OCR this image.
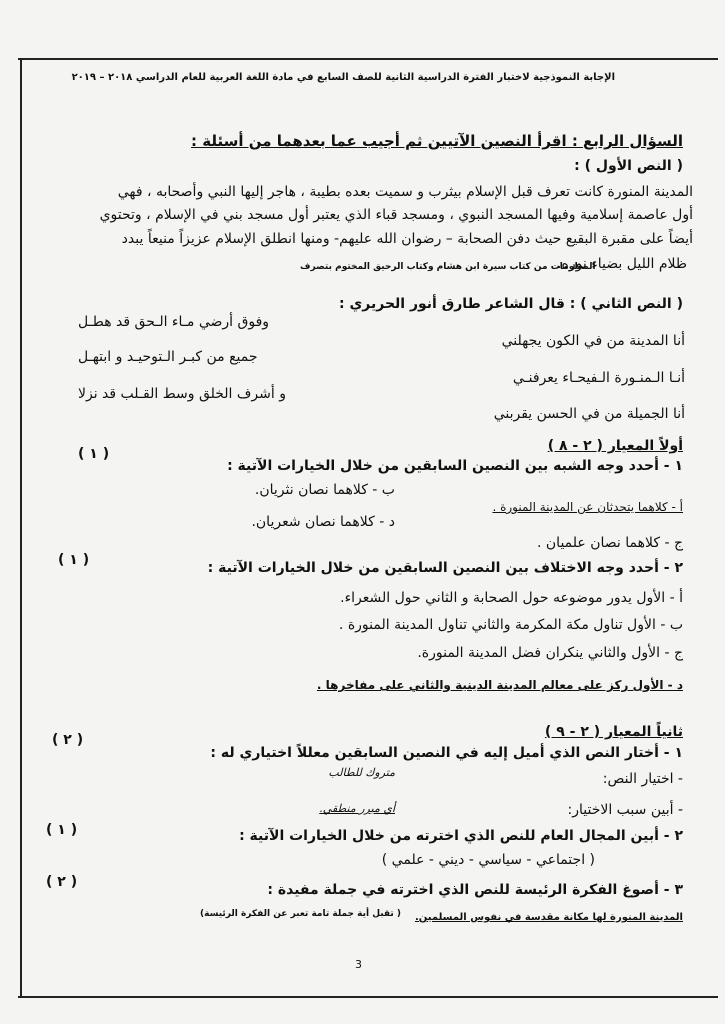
الإجابة النموذجية لاختبار الفترة الدراسية الثانية للصف السابع في مادة اللغة العربية للعام الدراسي ٢٠١٨ – ٢٠١٩
السؤال الرابع : اقرأ النصين الآتيين ثم أجيب عما بعدهما من أسئلة :
( النص الأول ) :
المدينة المنورة كانت تعرف قبل الإسلام بيثرب و سميت بعده بطيبة ، هاجر إليها النبي وأصحابه ، فهي
أول عاصمة إسلامية وفيها المسجد النبوي ، ومسجد قباء الذي يعتبر أول مسجد بني في الإسلام ، وتحتوي
أيضاً على مقبرة البقيع حيث دفن الصحابة – رضوان الله عليهم- ومنها انطلق الإسلام عزيزاً منيعاً يبدد
ظلام الليل بضياء نوره.
المعلومات من كتاب سيرة ابن هشام وكتاب الرحيق المختوم بتصرف
( النص الثاني ) : قال الشاعر طارق أنور الحريري :
أنا المدينة من في الكون يجهلني
وفوق أرضي مـاء الـحق قد هطـل
أنـا الـمنـورة الـفيحـاء يعرفنـي
جميع من كبـر الـتوحيـد و ابتهـل
أنا الجميلة من في الحسن يقربني
و أشرف الخلق وسط القـلب قد نزلا
أولاً المعيار ( ٢ - ٨ )
( ١ )
١ - أحدد وجه الشبه بين النصين السابقين من خلال الخيارات الآتية :
ب - كلاهما نصان نثريان.
أ - كلاهما يتحدثان عن المدينة المنورة .
د - كلاهما نصان شعريان.
ج - كلاهما نصان علميان .
( ١ )	٢ - أحدد وجه الاختلاف بين النصين السابقين من خلال الخيارات الآتية :
أ - الأول يدور موضوعه حول الصحابة و الثاني حول الشعراء.
ب - الأول تناول مكة المكرمة والثاني تناول المدينة المنورة .
ج - الأول والثاني ينكران فضل المدينة المنورة.
د - الأول ركز على معالم المدينة الدينية والثاني على مفاخرها .
ثانياً المعيار ( ٢ - ٩ )
( ٢ )
١ - أختار النص الذي أميل إليه في النصين السابقين معللاً اختياري له :
متروك للطالب	- اختيار النص:
أي مبرر منطقي.	- أبين سبب الاختيار:
( ١ )	٢ - أبين المجال العام للنص الذي اخترته من خلال الخيارات الآتية :
( اجتماعي - سياسي - ديني - علمي )
( ٢ )	٣ - أصوغ الفكرة الرئيسة للنص الذي اخترته في جملة مفيدة :
المدينة المنورة لها مكانة مقدسة في نفوس المسلمين.
( تقبل أية جملة تامة تعبر عن الفكرة الرئيسة)
3
